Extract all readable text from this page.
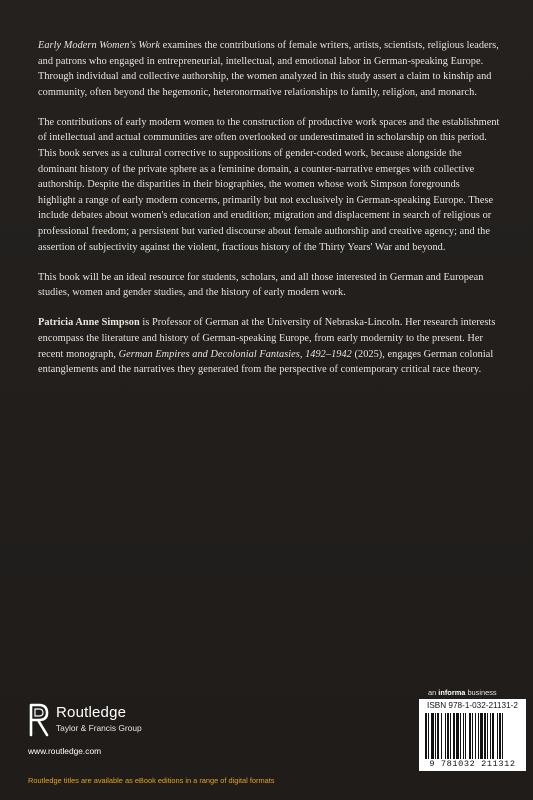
Early Modern Women's Work examines the contributions of female writers, artists, scientists, religious leaders, and patrons who engaged in entrepreneurial, intellectual, and emotional labor in German-speaking Europe. Through individual and collective authorship, the women analyzed in this study assert a claim to kinship and community, often beyond the hegemonic, heteronormative relationships to family, religion, and monarch.

The contributions of early modern women to the construction of productive work spaces and the establishment of intellectual and actual communities are often overlooked or underestimated in scholarship on this period. This book serves as a cultural corrective to suppositions of gender-coded work, because alongside the dominant history of the private sphere as a feminine domain, a counter-narrative emerges with collective authorship. Despite the disparities in their biographies, the women whose work Simpson foregrounds highlight a range of early modern concerns, primarily but not exclusively in German-speaking Europe. These include debates about women's education and erudition; migration and displacement in search of religious or professional freedom; a persistent but varied discourse about female authorship and creative agency; and the assertion of subjectivity against the violent, fractious history of the Thirty Years' War and beyond.

This book will be an ideal resource for students, scholars, and all those interested in German and European studies, women and gender studies, and the history of early modern work.

Patricia Anne Simpson is Professor of German at the University of Nebraska-Lincoln. Her research interests encompass the literature and history of German-speaking Europe, from early modernity to the present. Her recent monograph, German Empires and Decolonial Fantasies, 1492–1942 (2025), engages German colonial entanglements and the narratives they generated from the perspective of contemporary critical race theory.

an informa business
Routledge
Taylor & Francis Group
www.routledge.com
ISBN 978-1-032-21131-2
9 781032 211312
Routledge titles are available as eBook editions in a range of digital formats
